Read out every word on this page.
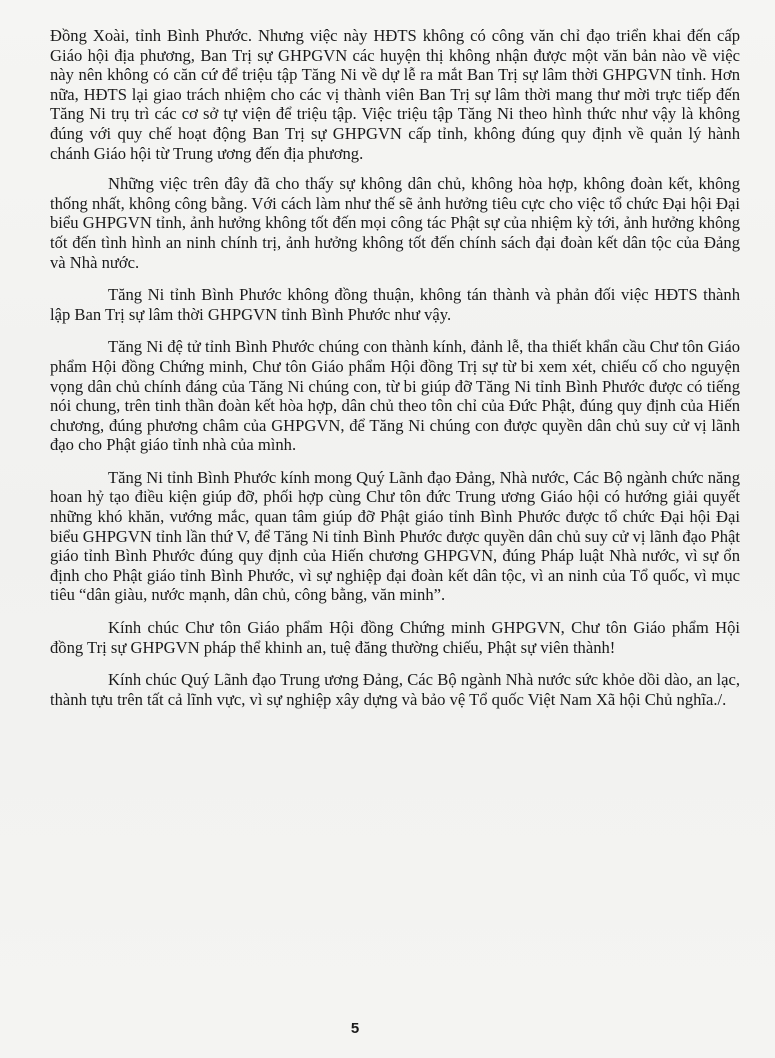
Đồng Xoài, tỉnh Bình Phước. Nhưng việc này HĐTS không có công văn chỉ đạo triển khai đến cấp Giáo hội địa phương, Ban Trị sự GHPGVN các huyện thị không nhận được một văn bản nào về việc này nên không có căn cứ để triệu tập Tăng Ni về dự lễ ra mắt Ban Trị sự lâm thời GHPGVN tỉnh. Hơn nữa, HĐTS lại giao trách nhiệm cho các vị thành viên Ban Trị sự lâm thời mang thư mời trực tiếp đến Tăng Ni trụ trì các cơ sở tự viện để triệu tập. Việc triệu tập Tăng Ni theo hình thức như vậy là không đúng với quy chế hoạt động Ban Trị sự GHPGVN cấp tỉnh, không đúng quy định về quản lý hành chánh Giáo hội từ Trung ương đến địa phương.

Những việc trên đây đã cho thấy sự không dân chủ, không hòa hợp, không đoàn kết, không thống nhất, không công bằng. Với cách làm như thế sẽ ảnh hưởng tiêu cực cho việc tổ chức Đại hội Đại biểu GHPGVN tỉnh, ảnh hưởng không tốt đến mọi công tác Phật sự của nhiệm kỳ tới, ảnh hưởng không tốt đến tình hình an ninh chính trị, ảnh hưởng không tốt đến chính sách đại đoàn kết dân tộc của Đảng và Nhà nước.

Tăng Ni tỉnh Bình Phước không đồng thuận, không tán thành và phản đối việc HĐTS thành lập Ban Trị sự lâm thời GHPGVN tỉnh Bình Phước như vậy.

Tăng Ni đệ tử tỉnh Bình Phước chúng con thành kính, đảnh lễ, tha thiết khẩn cầu Chư tôn Giáo phẩm Hội đồng Chứng minh, Chư tôn Giáo phẩm Hội đồng Trị sự từ bi xem xét, chiếu cố cho nguyện vọng dân chủ chính đáng của Tăng Ni chúng con, từ bi giúp đỡ Tăng Ni tỉnh Bình Phước được có tiếng nói chung, trên tinh thần đoàn kết hòa hợp, dân chủ theo tôn chỉ của Đức Phật, đúng quy định của Hiến chương, đúng phương châm của GHPGVN, để Tăng Ni chúng con được quyền dân chủ suy cử vị lãnh đạo cho Phật giáo tỉnh nhà của mình.

Tăng Ni tỉnh Bình Phước kính mong Quý Lãnh đạo Đảng, Nhà nước, Các Bộ ngành chức năng hoan hỷ tạo điều kiện giúp đỡ, phối hợp cùng Chư tôn đức Trung ương Giáo hội có hướng giải quyết những khó khăn, vướng mắc, quan tâm giúp đỡ Phật giáo tỉnh Bình Phước được tổ chức Đại hội Đại biểu GHPGVN tỉnh lần thứ V, để Tăng Ni tỉnh Bình Phước được quyền dân chủ suy cử vị lãnh đạo Phật giáo tỉnh Bình Phước đúng quy định của Hiến chương GHPGVN, đúng Pháp luật Nhà nước, vì sự ổn định cho Phật giáo tỉnh Bình Phước, vì sự nghiệp đại đoàn kết dân tộc, vì an ninh của Tổ quốc, vì mục tiêu “dân giàu, nước mạnh, dân chủ, công bằng, văn minh”.

Kính chúc Chư tôn Giáo phẩm Hội đồng Chứng minh GHPGVN, Chư tôn Giáo phẩm Hội đồng Trị sự GHPGVN pháp thể khinh an, tuệ đăng thường chiếu, Phật sự viên thành!

Kính chúc Quý Lãnh đạo Trung ương Đảng, Các Bộ ngành Nhà nước sức khỏe dồi dào, an lạc, thành tựu trên tất cả lĩnh vực, vì sự nghiệp xây dựng và bảo vệ Tổ quốc Việt Nam Xã hội Chủ nghĩa./.

5
